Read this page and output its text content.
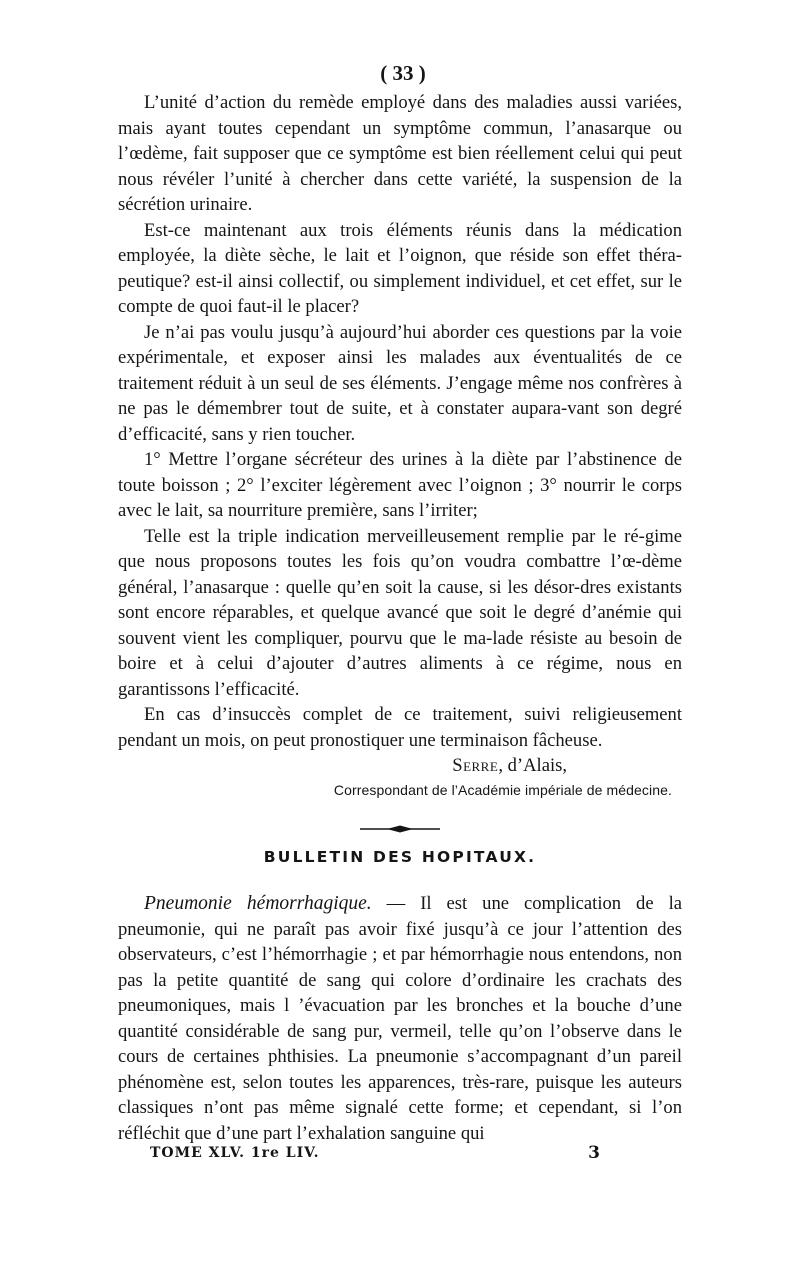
( 33 )

L’unité d’action du remède employé dans des maladies aussi variées, mais ayant toutes cependant un symptôme commun, l’anasarque ou l’œdème, fait supposer que ce symptôme est bien réellement celui qui peut nous révéler l’unité à chercher dans cette variété, la suspension de la sécrétion urinaire.

Est-ce maintenant aux trois éléments réunis dans la médication employée, la diète sèche, le lait et l’oignon, que réside son effet théra-peutique? est-il ainsi collectif, ou simplement individuel, et cet effet, sur le compte de quoi faut-il le placer?

Je n’ai pas voulu jusqu’à aujourd’hui aborder ces questions par la voie expérimentale, et exposer ainsi les malades aux éventualités de ce traitement réduit à un seul de ses éléments. J’engage même nos confrères à ne pas le démembrer tout de suite, et à constater aupara-vant son degré d’efficacité, sans y rien toucher.

1° Mettre l’organe sécréteur des urines à la diète par l’abstinence de toute boisson ; 2° l’exciter légèrement avec l’oignon ; 3° nourrir le corps avec le lait, sa nourriture première, sans l’irriter;

Telle est la triple indication merveilleusement remplie par le ré-gime que nous proposons toutes les fois qu’on voudra combattre l’œ-dème général, l’anasarque : quelle qu’en soit la cause, si les désor-dres existants sont encore réparables, et quelque avancé que soit le degré d’anémie qui souvent vient les compliquer, pourvu que le ma-lade résiste au besoin de boire et à celui d’ajouter d’autres aliments à ce régime, nous en garantissons l’efficacité.

En cas d’insuccès complet de ce traitement, suivi religieusement pendant un mois, on peut pronostiquer une terminaison fâcheuse.

Serre, d’Alais,
Correspondant de l’Académie impériale de médecine.
BULLETIN DES HOPITAUX.

Pneumonie hémorrhagique. — Il est une complication de la pneumonie, qui ne paraît pas avoir fixé jusqu’à ce jour l’attention des observateurs, c’est l’hémorrhagie ; et par hémorrhagie nous entendons, non pas la petite quantité de sang qui colore d’ordinaire les crachats des pneumoniques, mais l ’évacuation par les bronches et la bouche d’une quantité considérable de sang pur, vermeil, telle qu’on l’observe dans le cours de certaines phthisies. La pneumonie s’accompagnant d’un pareil phénomène est, selon toutes les apparences, très-rare, puisque les auteurs classiques n’ont pas même signalé cette forme; et cependant, si l’on réfléchit que d’une part l’exhalation sanguine qui

TOME XLV. 1re LIV.	3
